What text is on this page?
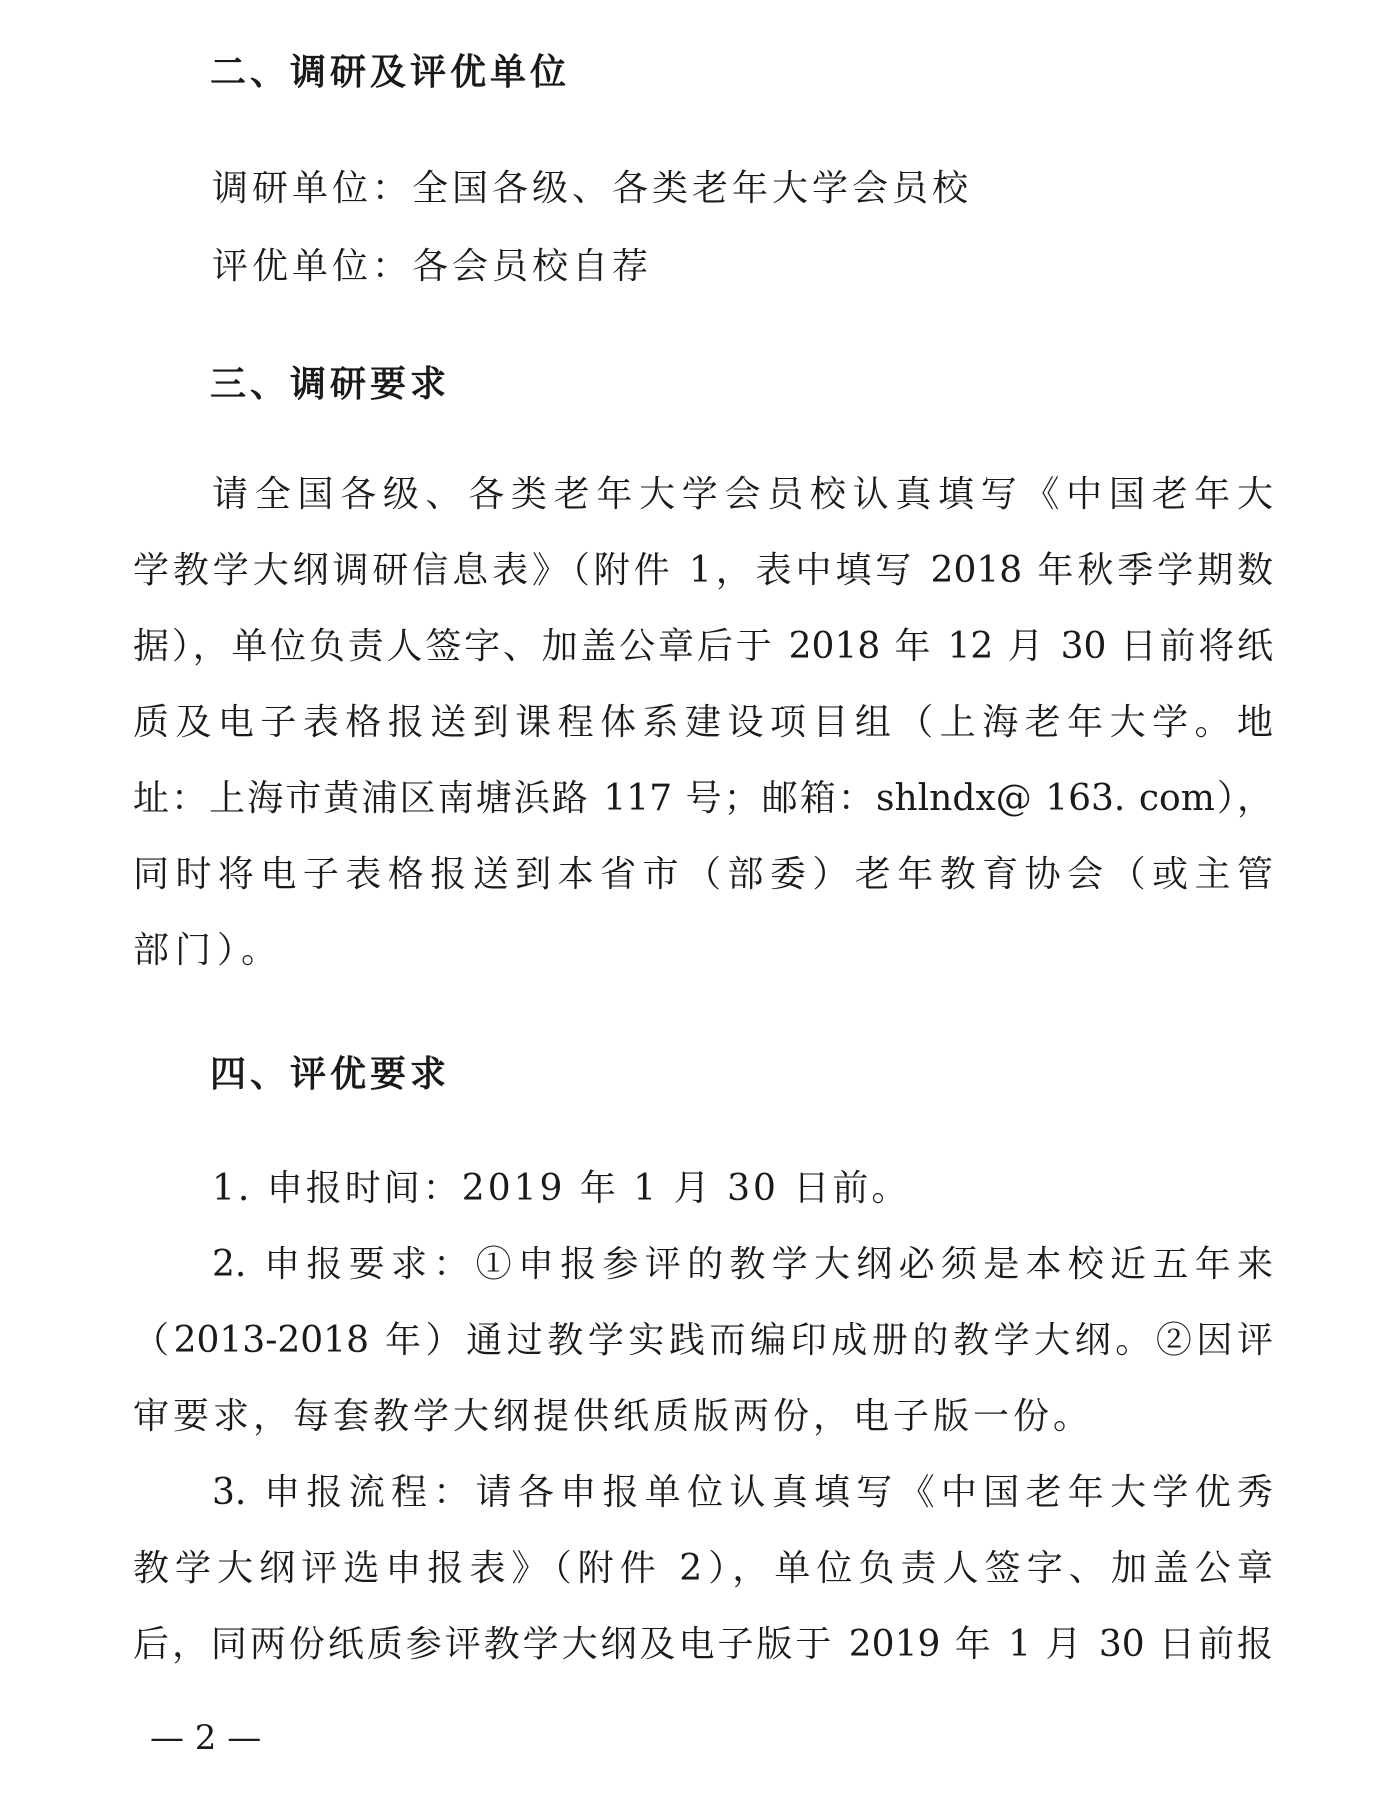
二、调研及评优单位
调研单位：全国各级、各类老年大学会员校
评优单位：各会员校自荐
三、调研要求
请全国各级、各类老年大学会员校认真填写《中国老年大
学教学大纲调研信息表》（附件 1，表中填写 2018 年秋季学期数
据），单位负责人签字、加盖公章后于 2018 年 12 月 30 日前将纸
质及电子表格报送到课程体系建设项目组（上海老年大学。地
址：上海市黄浦区南塘浜路 117 号；邮箱：shlndx@ 163. com），
同时将电子表格报送到本省市（部委）老年教育协会（或主管
部门）。
四、评优要求
1. 申报时间：2019 年 1 月 30 日前。
2. 申报要求：①申报参评的教学大纲必须是本校近五年来
（2013-2018 年）通过教学实践而编印成册的教学大纲。②因评
审要求，每套教学大纲提供纸质版两份，电子版一份。
3. 申报流程：请各申报单位认真填写《中国老年大学优秀
教学大纲评选申报表》（附件 2），单位负责人签字、加盖公章
后，同两份纸质参评教学大纲及电子版于 2019 年 1 月 30 日前报
— 2 —
